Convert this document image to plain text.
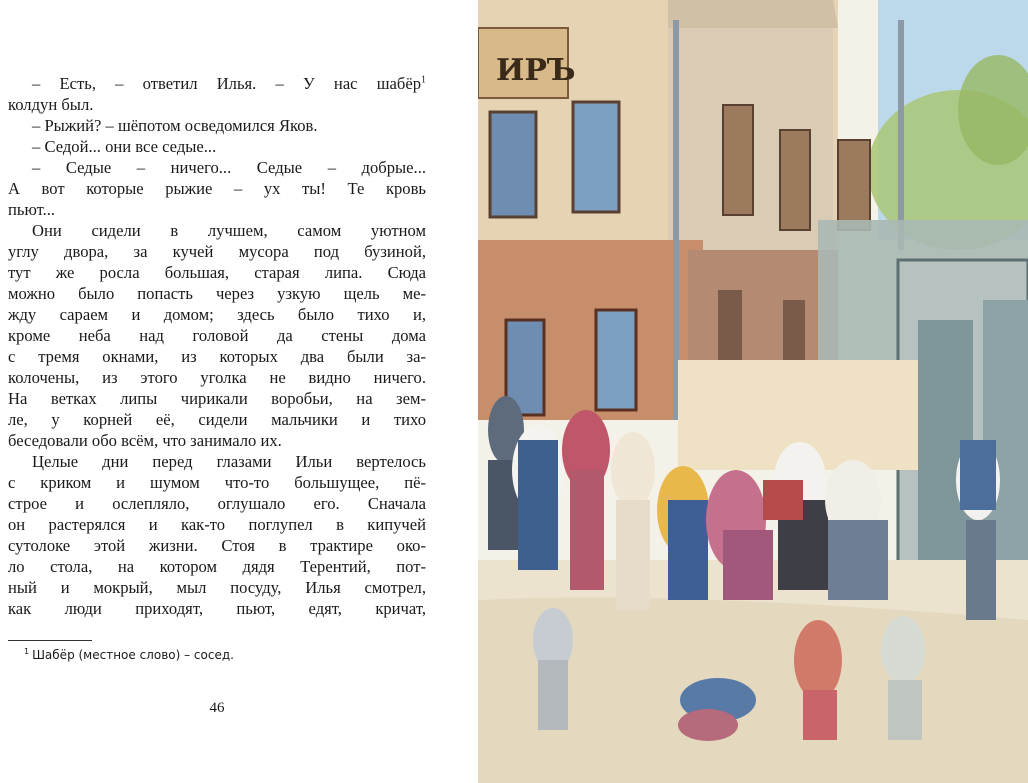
– Есть, – ответил Илья. – У нас шабёр$^1$
колдун был.
– Рыжий? – шёпотом осведомился Яков.
– Седой... они все седые...
– Седые – ничего... Седые – добрые...
А вот которые рыжие – ух ты! Те кровь
пьют...
Они сидели в лучшем, самом уютном
углу двора, за кучей мусора под бузиной,
тут же росла большая, старая липа. Сюда
можно было попасть через узкую щель ме-
жду сараем и домом; здесь было тихо и,
кроме неба над головой да стены дома
с тремя окнами, из которых два были за-
колочены, из этого уголка не видно ничего.
На ветках липы чирикали воробьи, на зем-
ле, у корней её, сидели мальчики и тихо
беседовали обо всём, что занимало их.
Целые дни перед глазами Ильи вертелось
с криком и шумом что-то большущее, пё-
строе и ослепляло, оглушало его. Сначала
он растерялся и как-то поглупел в кипучей
сутолоке этой жизни. Стоя в трактире око-
ло стола, на котором дядя Терентий, пот-
ный и мокрый, мыл посуду, Илья смотрел,
как люди приходят, пьют, едят, кричат,
$^1$ Шабёр (местное слово) – сосед.
46
ИРЪ
